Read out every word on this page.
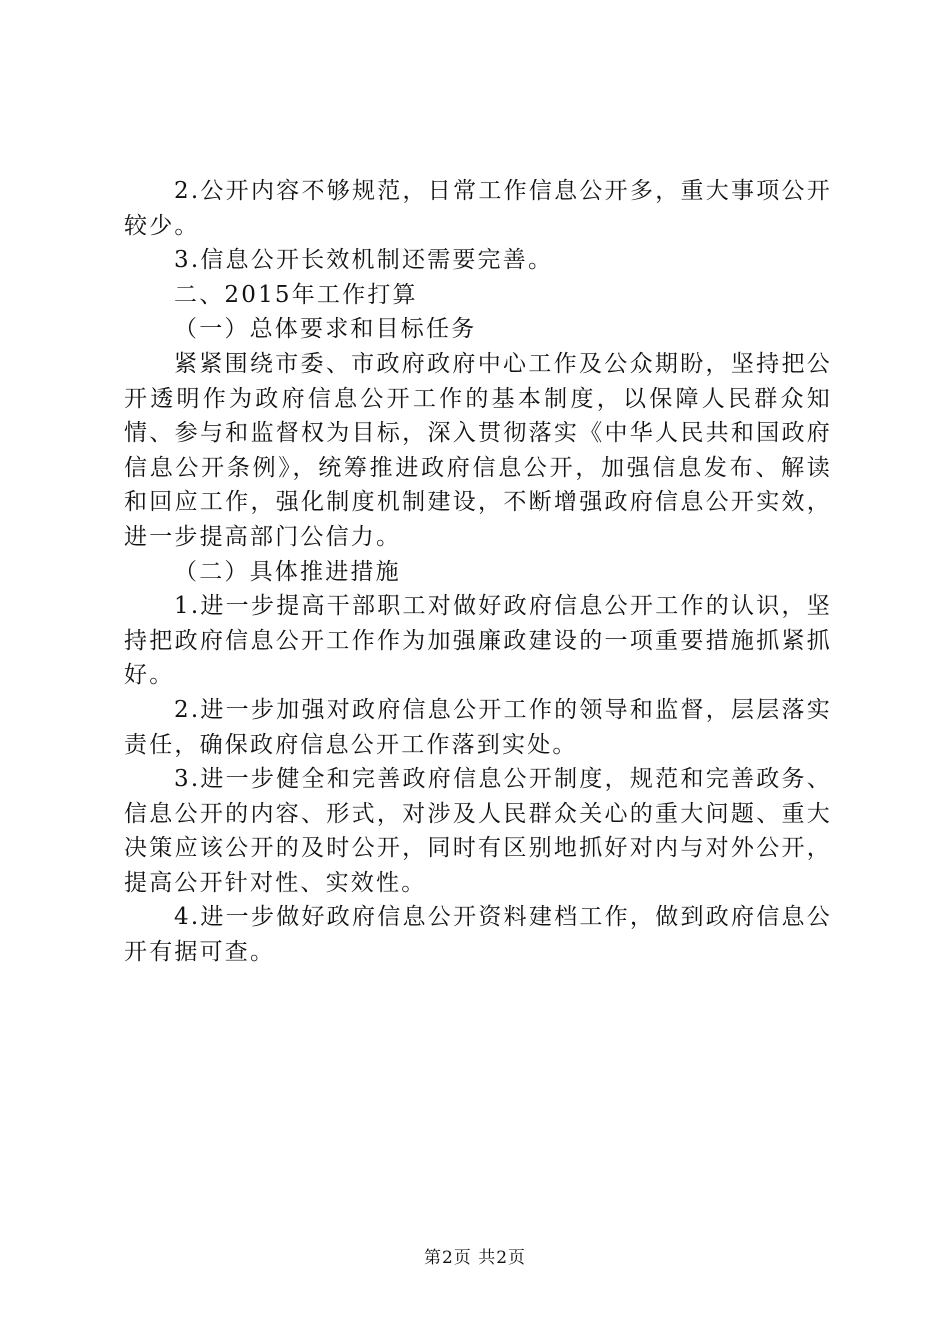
2.公开内容不够规范，日常工作信息公开多，重大事项公开较少。

3.信息公开长效机制还需要完善。

二、2015年工作打算

（一）总体要求和目标任务

紧紧围绕市委、市政府政府中心工作及公众期盼，坚持把公开透明作为政府信息公开工作的基本制度，以保障人民群众知情、参与和监督权为目标，深入贯彻落实《中华人民共和国政府信息公开条例》，统筹推进政府信息公开，加强信息发布、解读和回应工作，强化制度机制建设，不断增强政府信息公开实效，进一步提高部门公信力。

（二）具体推进措施

1.进一步提高干部职工对做好政府信息公开工作的认识，坚持把政府信息公开工作作为加强廉政建设的一项重要措施抓紧抓好。

2.进一步加强对政府信息公开工作的领导和监督，层层落实责任，确保政府信息公开工作落到实处。

3.进一步健全和完善政府信息公开制度，规范和完善政务、信息公开的内容、形式，对涉及人民群众关心的重大问题、重大决策应该公开的及时公开，同时有区别地抓好对内与对外公开，提高公开针对性、实效性。

4.进一步做好政府信息公开资料建档工作，做到政府信息公开有据可查。

第2页 共2页
